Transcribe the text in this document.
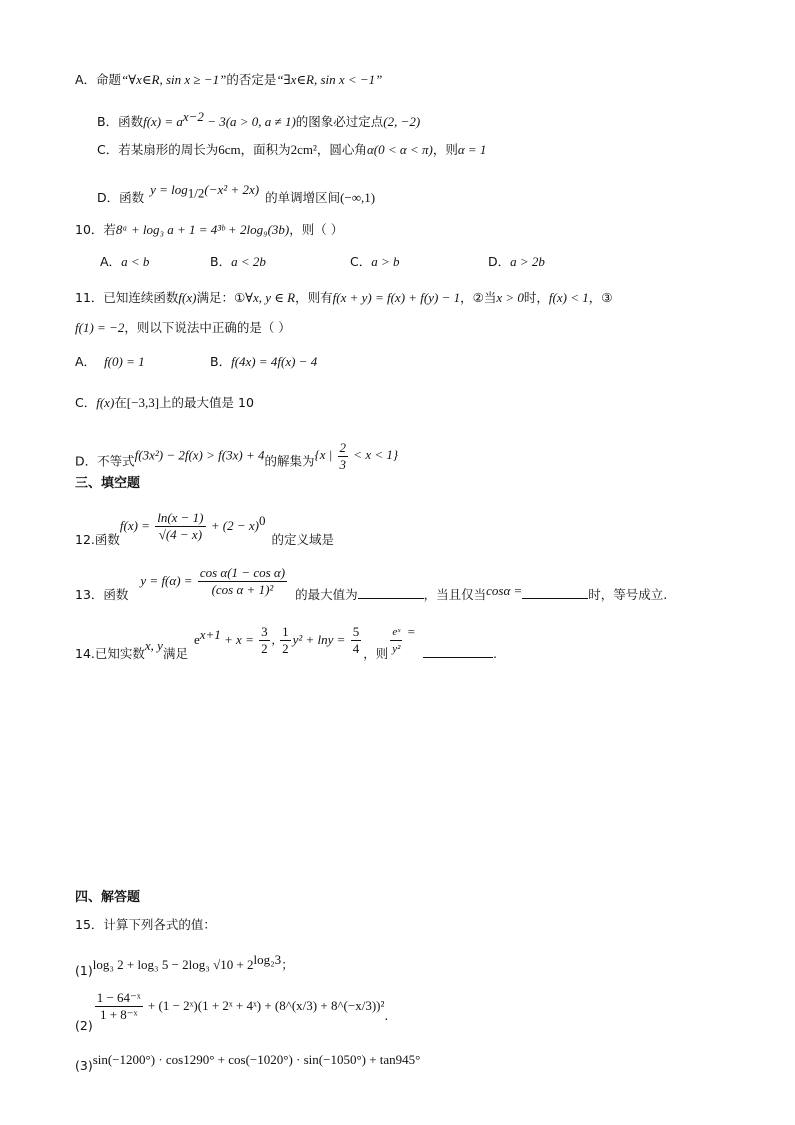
A．命题“∀x∈R, sin x ≥ −1”的否定是“∃x∈R, sin x < −1”
B．函数$f(x) = a^{x-2} - 3(a > 0$, a ≠ 1)的图象必过定点(2, −2)
C．若某扇形的周长为6cm，面积为2cm²，圆心角α(0 < α < π)，则α = 1
D．函数$y = \log_{1/2}(-x^2 + 2x)$的单调增区间(−∞,1)
10．若8ᵃ + log₃ a + 1 = 4³ᵇ + 2log₉(3b)，则（ ）
A．a < b	B．a < 2b	C．a > b	D．a > 2b
11．已知连续函数f(x)满足：①∀x, y ∈ R，则有f(x + y) = f(x) + f(y) − 1，②当x > 0时，f(x) < 1，③
f(1) = −2，则以下说法中正确的是（ ）
A． f(0) = 1	B．f(4x) = 4f(x) − 4
C．f(x)在[−3,3]上的最大值是 10
D．不等式f(3x²) − 2f(x) > f(3x) + 4的解集为{x | $\frac{2}{3} < x < 1$}
三、填空题
12.函数$f(x) = \frac{\ln(x - 1)}{√(4 - x)} + (2 - x)^0$的定义域是
13．函数$y = f(\alpha) = \frac{\text{cos α(1 − cos α)}}{\text{(cos α + 1)²}}$ 的最大值为	，当且仅当cosα =	时，等号成立.
14.已知实数x, y满足$e^{x+1} + x = \frac{3}{2}$ , $\frac{1}{2} y^2 + \ln y = \frac{5}{4}$ ，则 $\frac{\text{eˣ}}{\text{y²}}$ =.
四、解答题
15．计算下列各式的值：
(1)log₃ 2 + log₃ 5 − 2log₃ $√10 + 2^{log_23}$；
(2)
$\frac{\text{1 − 64⁻ˣ}}{\text{1 + 8⁻ˣ}} + (1$ − 2ˣ)(1 + 2ˣ + 4ˣ) + (8^(x/3) + 8^(−x/3))².
(3)sin(−1200°) · cos1290° + cos(−1020°) · sin(−1050°) + tan945°
